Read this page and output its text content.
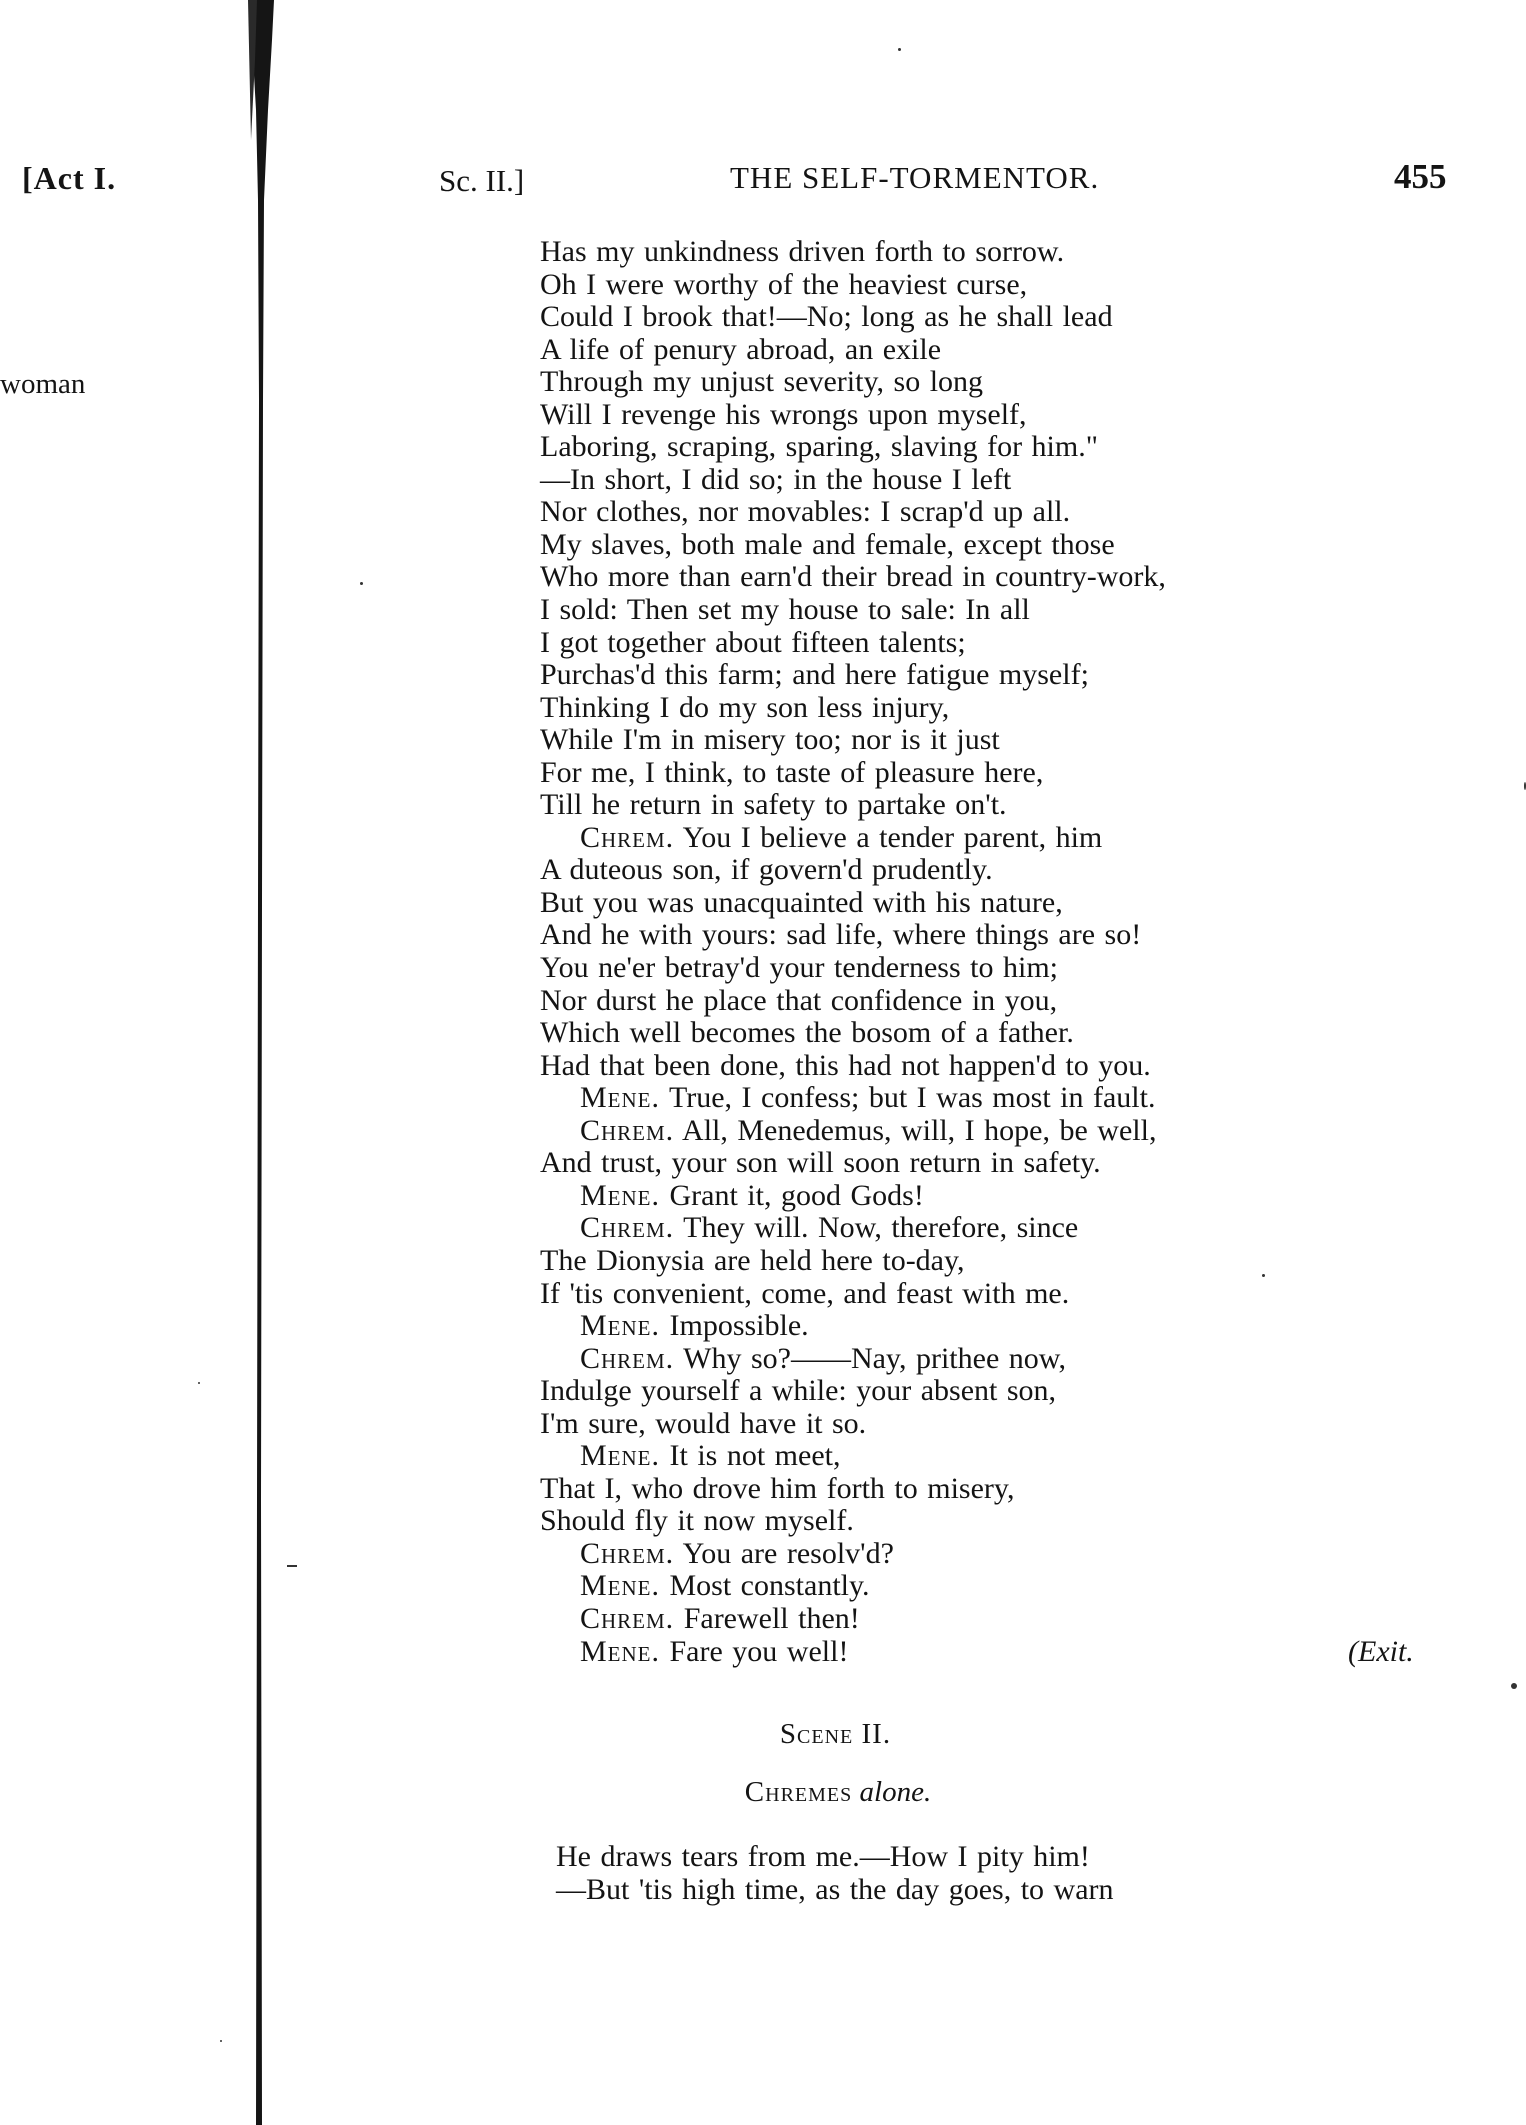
[Act I.
woman
Sc. II.]	THE SELF-TORMENTOR.	455
Has my unkindness driven forth to sorrow.
Oh I were worthy of the heaviest curse,
Could I brook that!—No; long as he shall lead
A life of penury abroad, an exile
Through my unjust severity, so long
Will I revenge his wrongs upon myself,
Laboring, scraping, sparing, slaving for him."
—In short, I did so; in the house I left
Nor clothes, nor movables: I scrap'd up all.
My slaves, both male and female, except those
Who more than earn'd their bread in country-work,
I sold: Then set my house to sale: In all
I got together about fifteen talents;
Purchas'd this farm; and here fatigue myself;
Thinking I do my son less injury,
While I'm in misery too; nor is it just
For me, I think, to taste of pleasure here,
Till he return in safety to partake on't.
Chrem. You I believe a tender parent, him
A duteous son, if govern'd prudently.
But you was unacquainted with his nature,
And he with yours: sad life, where things are so!
You ne'er betray'd your tenderness to him;
Nor durst he place that confidence in you,
Which well becomes the bosom of a father.
Had that been done, this had not happen'd to you.
Mene. True, I confess; but I was most in fault.
Chrem. All, Menedemus, will, I hope, be well,
And trust, your son will soon return in safety.
Mene. Grant it, good Gods!
Chrem. They will. Now, therefore, since
The Dionysia are held here to-day,
If 'tis convenient, come, and feast with me.
Mene. Impossible.
Chrem. Why so?——Nay, prithee now,
Indulge yourself a while: your absent son,
I'm sure, would have it so.
Mene. It is not meet,
That I, who drove him forth to misery,
Should fly it now myself.
Chrem. You are resolv'd?
Mene. Most constantly.
Chrem. Farewell then!
Mene. Fare you well!	(Exit.
Scene II.
Chremes alone.
He draws tears from me.—How I pity him!
—But 'tis high time, as the day goes, to warn
